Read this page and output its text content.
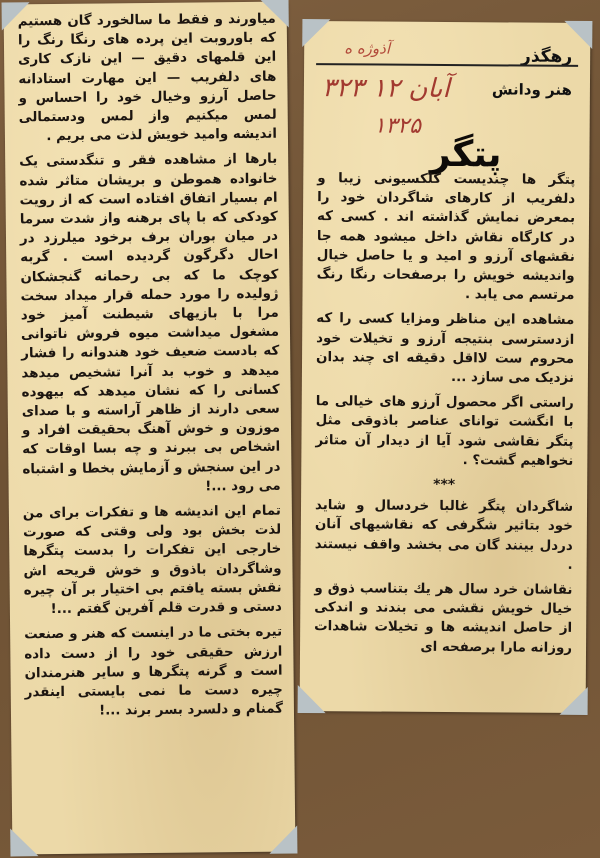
میاورند و فقط ما سالخورد گان هستیم که باوروبت این پرده های رنگا رنگ را این قلمهای دقیق — این نازک کاری های دلفریب — این مهارت استادانه حاصل آرزو وخیال خود را احساس و لمس میکنیم واز لمس ودستمالی اندیشه وامید خویش لذت می بریم .

بارها از مشاهده فقر و تنگدستی یک خانواده هموطن و بریشان متاثر شده ام بسیار اتفاق افتاده است که از رویت کودکی که با پای برهنه واز شدت سرما در میان بوران برف برخود میلرزد در احال دگرگون گردیده است . گربه کوچک ما که بی رحمانه گنجشکان ژولیده را مورد حمله قرار میداد سخت مرا با بازیهای شیطنت آمیز خود مشغول میداشت میوه فروش ناتوانی که بادست ضعیف خود هندوانه را فشار میدهد و خوب بد آنرا تشخیص میدهد کسانی را که نشان میدهد که بیهوده سعی دارند از ظاهر آراسته و با صدای موزون و خوش آهنگ بحقیقت افراد و اشخاص بی ببرند و چه بسا اوقات که در این سنجش و آزمایش بخطا و اشتباه می رود ...!

تمام این اندیشه ها و تفکرات برای من لذت بخش بود ولی وقتی که صورت خارجی این تفکرات را بدست پتگرها وشاگردان باذوق و خوش قریحه اش نقش بسته یافتم بی اختیار بر آن چیره دستی و قدرت قلم آفرین گفتم ...!

تیره بختی ما در اینست که هنر و صنعت ارزش حقیقی خود را از دست داده است و گرنه پتگرها و سایر هنرمندان چیره دست ما نمی بایستی اینقدر گمنام و دلسرد بسر برند ...!

رهگذر
آذوژه ه
هنر ودانش
۳۲۳ ۱۲ آبان
۱۳۲۵
پتگر

پتگر ها چندیست کلکسیونی زیبا و دلفریب از کارهای شاگردان خود را بمعرض نمایش گذاشته اند . کسی که در کارگاه نقاش داخل میشود همه جا نقشهای آرزو و امید و یا حاصل خیال واندیشه خویش را برصفحات رنگا رنگ مرتسم می یابد .

مشاهده این مناظر ومزایا کسی را که ازدسترسی بنتیجه آرزو و تخیلات خود محروم ست لااقل دقیقه ای چند بدان نزدیک می سازد ...

راستی اگر محصول آرزو های خیالی ما با انگشت توانای عناصر باذوقی مثل پتگر نقاشی شود آیا از دیدار آن متاثر نخواهیم گشت؟ .

***

شاگردان پتگر غالبا خردسال و شاید خود بتاثیر شگرفی که نقاشیهای آنان دردل بینند گان می بخشد واقف نیستند .

نقاشان خرد سال هر یك بتناسب ذوق و خیال خویش نقشی می بندند و اندکی از حاصل اندیشه ها و تخیلات شاهدات روزانه مارا برصفحه ای
